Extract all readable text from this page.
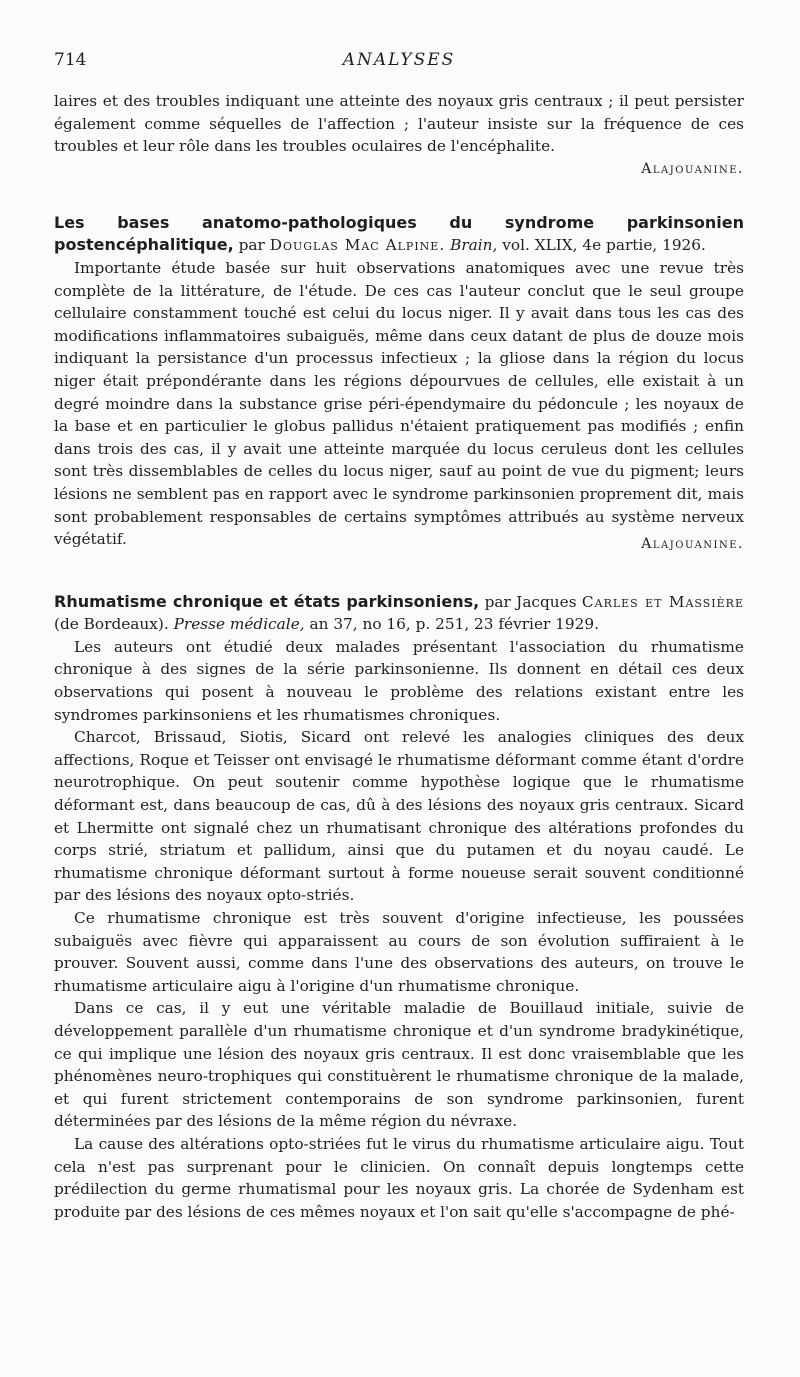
714	ANALYSES

laires et des troubles indiquant une atteinte des noyaux gris centraux ; il peut persister également comme séquelles de l'affection ; l'auteur insiste sur la fréquence de ces troubles et leur rôle dans les troubles oculaires de l'encéphalite.

Alajouanine.
Les bases anatomo-pathologiques du syndrome parkinsonien postencéphalitique, par Douglas Mac Alpine. Brain, vol. XLIX, 4e partie, 1926.

Importante étude basée sur huit observations anatomiques avec une revue très complète de la littérature, de l'étude. De ces cas l'auteur conclut que le seul groupe cellulaire constamment touché est celui du locus niger. Il y avait dans tous les cas des modifications inflammatoires subaiguës, même dans ceux datant de plus de douze mois indiquant la persistance d'un processus infectieux ; la gliose dans la région du locus niger était prépondérante dans les régions dépourvues de cellules, elle existait à un degré moindre dans la substance grise péri-épendymaire du pédoncule ; les noyaux de la base et en particulier le globus pallidus n'étaient pratiquement pas modifiés ; enfin dans trois des cas, il y avait une atteinte marquée du locus ceruleus dont les cellules sont très dissemblables de celles du locus niger, sauf au point de vue du pigment; leurs lésions ne semblent pas en rapport avec le syndrome parkinsonien proprement dit, mais sont probablement responsables de certains symptômes attribués au système nerveux végétatif.	Alajouanine.
Rhumatisme chronique et états parkinsoniens, par Jacques Carles et Massière (de Bordeaux). Presse médicale, an 37, no 16, p. 251, 23 février 1929.

Les auteurs ont étudié deux malades présentant l'association du rhumatisme chronique à des signes de la série parkinsonienne. Ils donnent en détail ces deux observations qui posent à nouveau le problème des relations existant entre les syndromes parkinsoniens et les rhumatismes chroniques.

Charcot, Brissaud, Siotis, Sicard ont relevé les analogies cliniques des deux affections, Roque et Teisser ont envisagé le rhumatisme déformant comme étant d'ordre neurotrophique. On peut soutenir comme hypothèse logique que le rhumatisme déformant est, dans beaucoup de cas, dû à des lésions des noyaux gris centraux. Sicard et Lhermitte ont signalé chez un rhumatisant chronique des altérations profondes du corps strié, striatum et pallidum, ainsi que du putamen et du noyau caudé. Le rhumatisme chronique déformant surtout à forme noueuse serait souvent conditionné par des lésions des noyaux opto-striés.

Ce rhumatisme chronique est très souvent d'origine infectieuse, les poussées subaiguës avec fièvre qui apparaissent au cours de son évolution suffiraient à le prouver. Souvent aussi, comme dans l'une des observations des auteurs, on trouve le rhumatisme articulaire aigu à l'origine d'un rhumatisme chronique.

Dans ce cas, il y eut une véritable maladie de Bouillaud initiale, suivie de développement parallèle d'un rhumatisme chronique et d'un syndrome bradykinétique, ce qui implique une lésion des noyaux gris centraux. Il est donc vraisemblable que les phénomènes neuro-trophiques qui constituèrent le rhumatisme chronique de la malade, et qui furent strictement contemporains de son syndrome parkinsonien, furent déterminées par des lésions de la même région du névraxe.

La cause des altérations opto-striées fut le virus du rhumatisme articulaire aigu. Tout cela n'est pas surprenant pour le clinicien. On connaît depuis longtemps cette prédilection du germe rhumatismal pour les noyaux gris. La chorée de Sydenham est produite par des lésions de ces mêmes noyaux et l'on sait qu'elle s'accompagne de phé-
